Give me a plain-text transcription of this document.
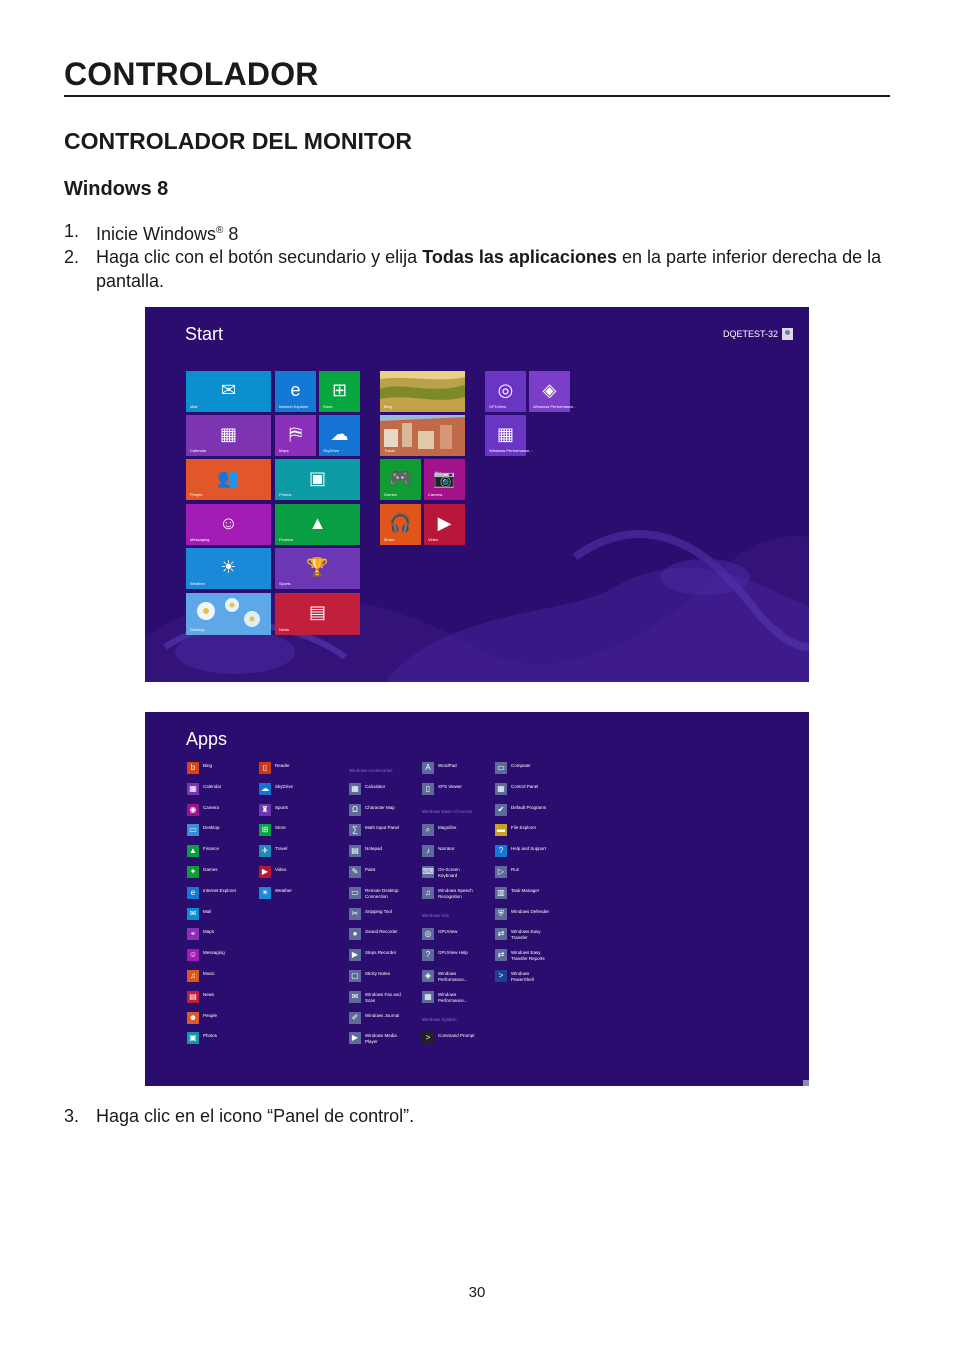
CONTROLADOR
CONTROLADOR DEL MONITOR
Windows 8
1. Inicie Windows® 8
2. Haga clic con el botón secundario y elija Todas las aplicaciones en la parte inferior derecha de la pantalla.
Start	DQETEST-32
✉
Mail
e
Internet Explorer
⊞
Store
▦
Calendar
⛿
Maps
☁
SkyDrive
👥
People
▣
Photos
☺
Messaging
▲
Finance
☀
Weather
🏆
Sports
Desktop
▤
News
Bing
Travel
🎮
Games
📷
Camera
🎧
Music
▶
Video
◎
GPUView
◈
Windows Performance...
▦
Windows Performance...
Apps
b	Bing
▦	Calendar
◉	Camera
▭	Desktop
▲	Finance
✦	Games
e	Internet Explorer
✉	Mail
⌖	Maps
☺	Messaging
♫	Music
▤	News
☻	People
▣	Photos
▯	Reader
☁	SkyDrive
♜	Sports
⊞	Store
✈	Travel
▶	Video
☀	Weather
▦	Calculator
Ω	Character Map
∑	Math Input Panel
▤	Notepad
✎	Paint
▭	Remote Desktop
Connection
✂	Snipping Tool
●	Sound Recorder
▶	Steps Recorder
▢	Sticky Notes
✉	Windows Fax and
Scan
✐	Windows Journal
▶	Windows Media
Player
A	WordPad
▯	XPS Viewer
⌕	Magnifier
♪	Narrator
⌨ On-Screen
Keyboard
♫	Windows Speech
Recognition
◎	GPUView
?	GPUView Help
◈	Windows
Performance...
▦	Windows
Performance...
>	Command Prompt
▭	Computer
▦	Control Panel
✔	Default Programs
▬	File Explorer
?	Help and Support
▷	Run
▥	Task Manager
⛨	Windows Defender
⇄	Windows Easy
Transfer
⇄	Windows Easy
Transfer Reports
>	Windows
PowerShell
Windows Accessories
Windows Ease of Access
Windows Kits
Windows System
3. Haga clic en el icono “Panel de control”.
30
